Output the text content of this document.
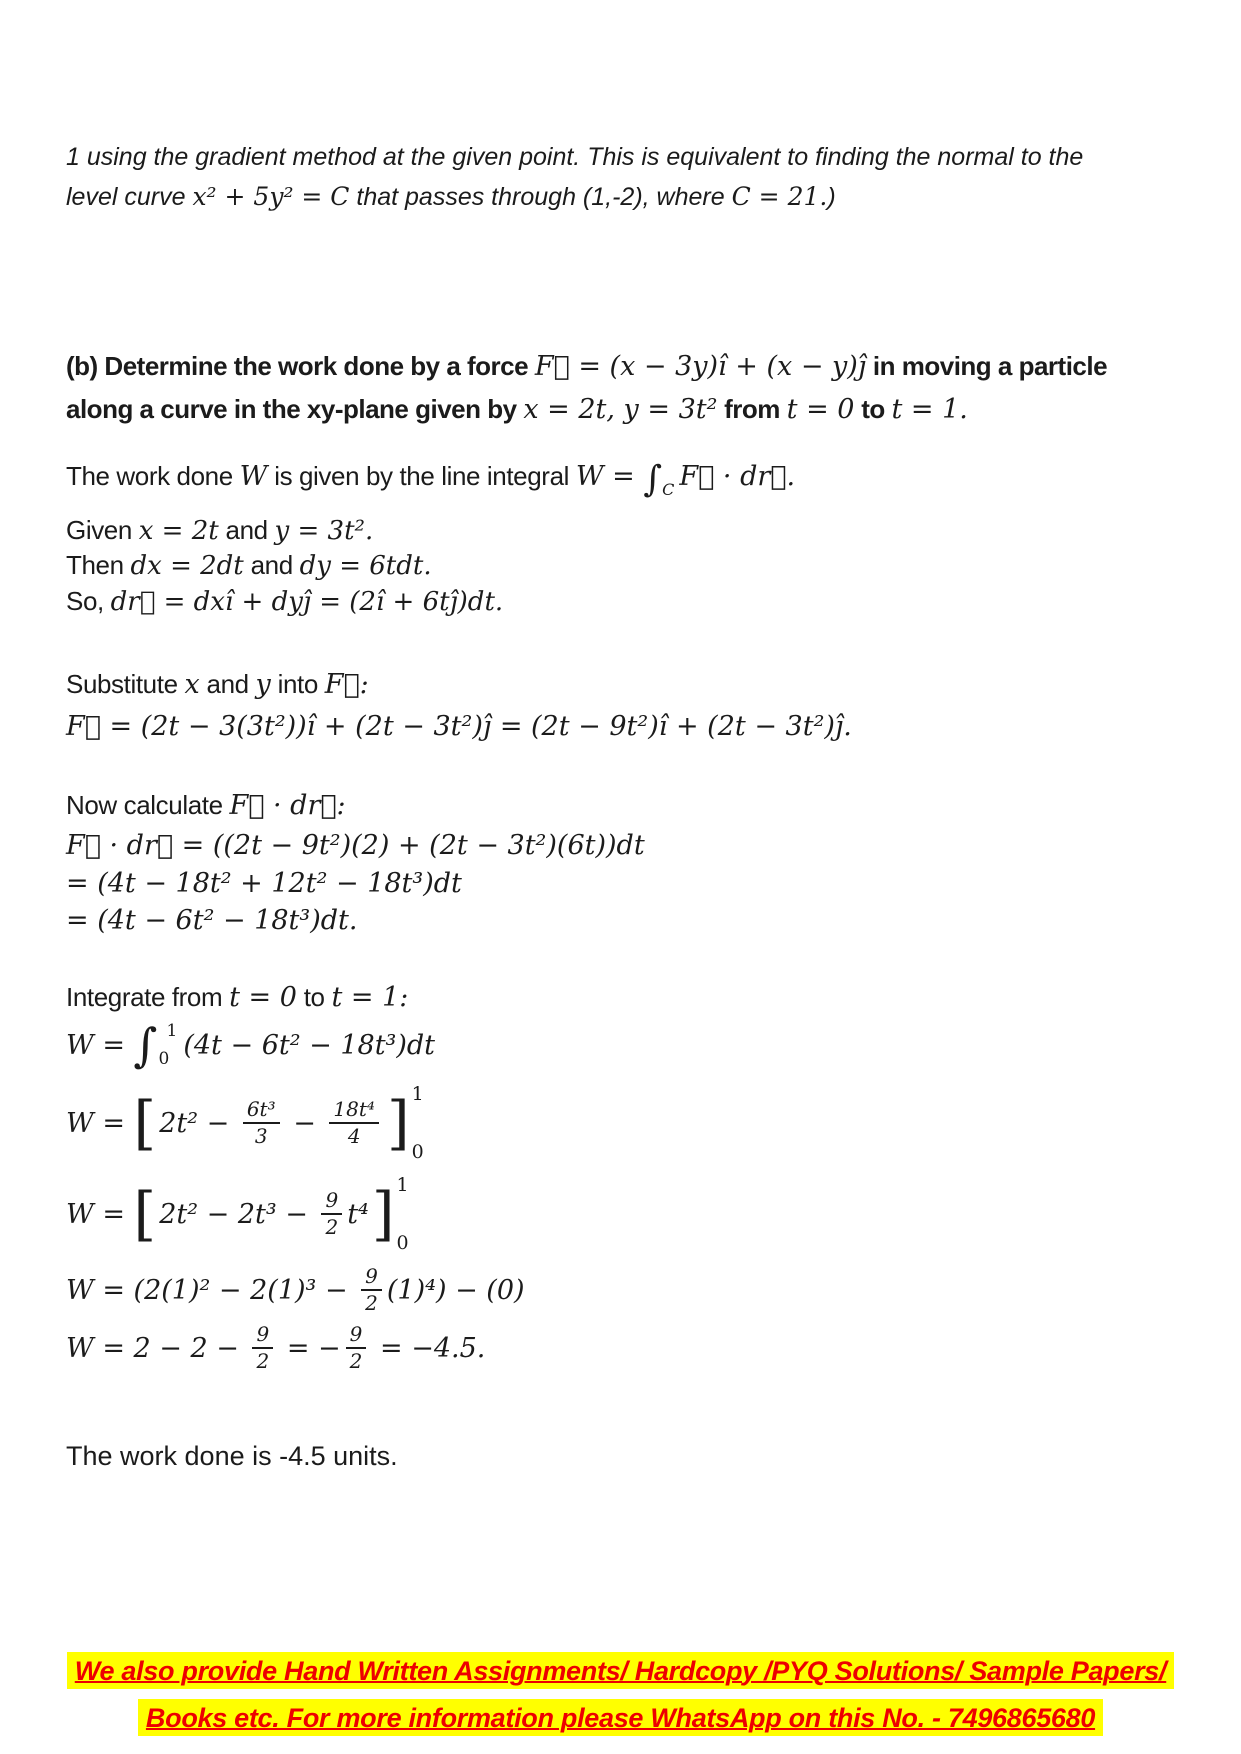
1 using the gradient method at the given point. This is equivalent to finding the normal to the
level curve x² + 5y² = C that passes through (1,-2), where C = 21.)
(b) Determine the work done by a force F⃗ = (x − 3y)î + (x − y)ĵ in moving a particle
along a curve in the xy-plane given by x = 2t, y = 3t² from t = 0 to t = 1.
The work done W is given by the line integral $W = \int_C$ F⃗ · dr⃗.
Given x = 2t and y = 3t².
Then dx = 2dt and dy = 6tdt.
So, dr⃗ = dxî + dyĵ = (2î + 6tĵ)dt.
Substitute x and y into F⃗:
F⃗ = (2t − 3(3t²))î + (2t − 3t²)ĵ = (2t − 9t²)î + (2t − 3t²)ĵ.
Now calculate F⃗ · dr⃗:
F⃗ · dr⃗ = ((2t − 9t²)(2) + (2t − 3t²)(6t))dt
= (4t − 18t² + 12t² − 18t³)dt
= (4t − 6t² − 18t³)dt.
Integrate from t = 0 to t = 1:
W = ∫ 1
0 (4t − 6t² − 18t³)dt
W = [ $2t^2 - \frac{\text{6t³}}{3} - \frac{\text{18t⁴}}{4}$ ] 1
0
W = [ $2t^2 - 2t^3 - \frac{9}{2} t^4$ ] 1
0
$W = (2(1)^2 - 2(1)^3 - \frac{9}{2} (1)^4) - (0)$
$W = 2 - 2 - \frac{9}{2}$ = − $\frac{9}{2} = -4.5$.
The work done is -4.5 units.
We also provide Hand Written Assignments/ Hardcopy /PYQ Solutions/ Sample Papers/
Books etc. For more information please WhatsApp on this No. - 7496865680
